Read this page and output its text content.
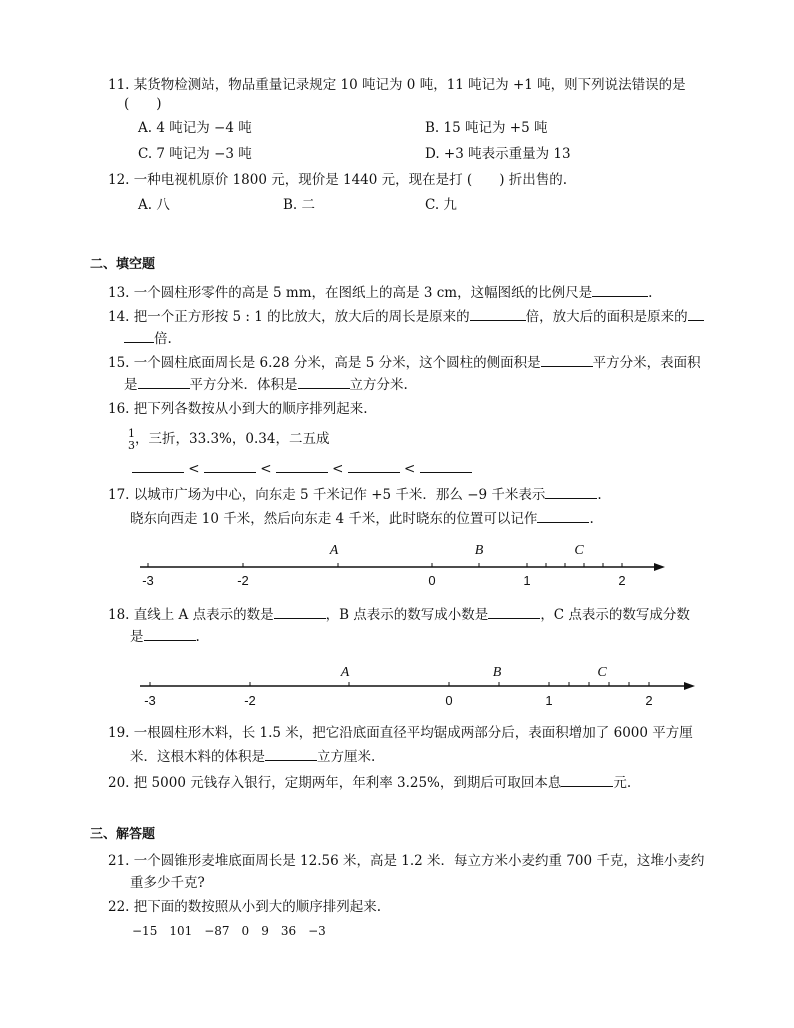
11. 某货物检测站，物品重量记录规定 10 吨记为 0 吨，11 吨记为 +1 吨，则下列说法错误的是
(　　)
A. 4 吨记为 −4 吨	B. 15 吨记为 +5 吨
C. 7 吨记为 −3 吨	D. +3 吨表示重量为 13
12. 一种电视机原价 1800 元，现价是 1440 元，现在是打 (　　) 折出售的.
A. 八	B. 二	C. 九
二、填空题
13. 一个圆柱形零件的高是 5 mm，在图纸上的高是 3 cm，这幅图纸的比例尺是	.
14. 把一个正方形按 5 : 1 的比放大，放大后的周长是原来的	倍，放大后的面积是原来的
倍.
15. 一个圆柱底面周长是 6.28 分米，高是 5 分米，这个圆柱的侧面积是	平方分米，表面积
是	平方分米．体积是	立方分米.
16. 把下列各数按从小到大的顺序排列起来.
1
3 ，三折，33.3%，0.34，二五成
<	<	<	<
17. 以城市广场为中心，向东走 5 千米记作 +5 千米．那么 −9 千米表示	.
晓东向西走 10 千米，然后向东走 4 千米，此时晓东的位置可以记作	.
-3	-2	0	1	2
A	B	C
-3	-2	0	1	2
A	B	C
18. 直线上 A 点表示的数是	，B 点表示的数写成小数是	，C 点表示的数写成分数
是	.
19. 一根圆柱形木料，长 1.5 米，把它沿底面直径平均锯成两部分后，表面积增加了 6000 平方厘
米．这根木料的体积是	立方厘米.
20. 把 5000 元钱存入银行，定期两年，年利率 3.25%，到期后可取回本息	元.
三、解答题
21. 一个圆锥形麦堆底面周长是 12.56 米，高是 1.2 米．每立方米小麦约重 700 千克，这堆小麦约
重多少千克?
22. 把下面的数按照从小到大的顺序排列起来.
−15　101　−87　0　9　36　−3
